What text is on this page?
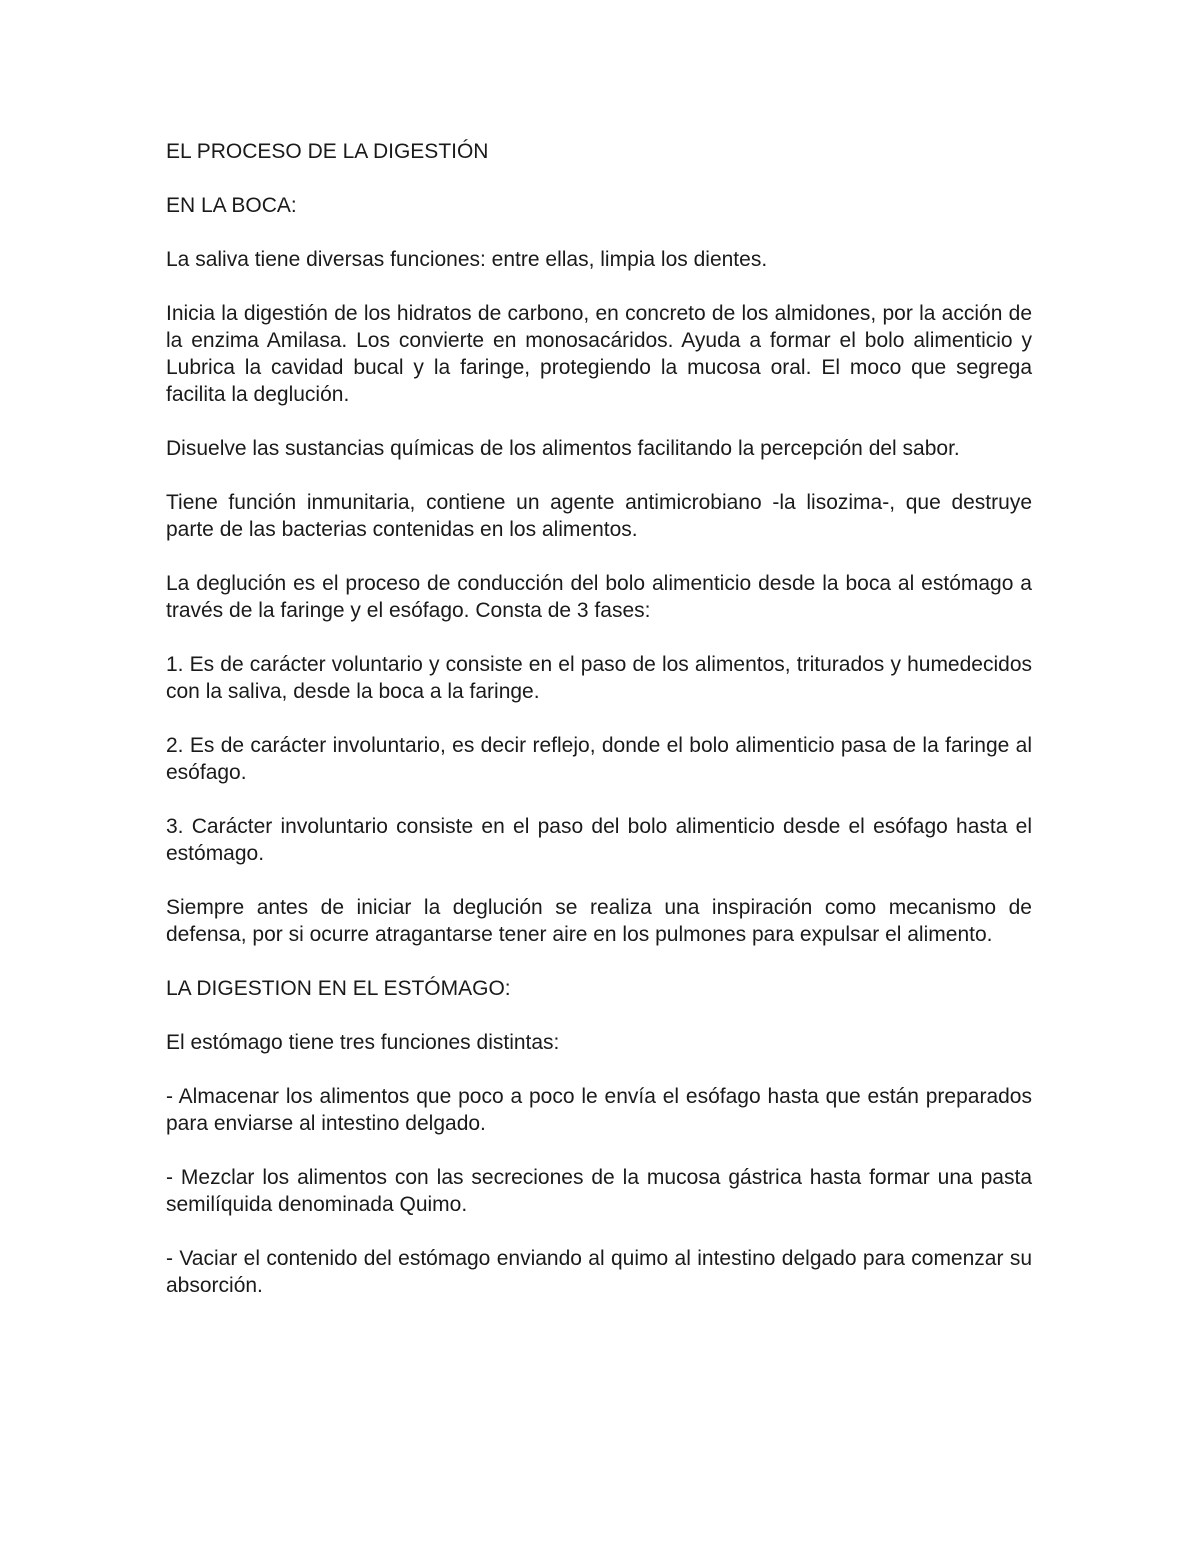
EL PROCESO DE LA DIGESTIÓN

EN LA BOCA:

La saliva tiene diversas funciones: entre ellas, limpia los dientes.

Inicia la digestión de los hidratos de carbono, en concreto de los almidones, por la acción de la enzima Amilasa. Los convierte en monosacáridos. Ayuda a formar el bolo alimenticio y Lubrica la cavidad bucal y la faringe, protegiendo la mucosa oral. El moco que segrega facilita la deglución.

Disuelve las sustancias químicas de los alimentos facilitando la percepción del sabor.

Tiene función inmunitaria, contiene un agente antimicrobiano -la lisozima-, que destruye parte de las bacterias contenidas en los alimentos.

La deglución es el proceso de conducción del bolo alimenticio desde la boca al estómago a través de la faringe y el esófago. Consta de 3 fases:

1. Es de carácter voluntario y consiste en el paso de los alimentos, triturados y humedecidos con la saliva, desde la boca a la faringe.

2. Es de carácter involuntario, es decir reflejo, donde el bolo alimenticio pasa de la faringe al esófago.

3. Carácter involuntario consiste en el paso del bolo alimenticio desde el esófago hasta el estómago.

Siempre antes de iniciar la deglución se realiza una inspiración como mecanismo de defensa, por si ocurre atragantarse tener aire en los pulmones para expulsar el alimento.

LA DIGESTION EN EL ESTÓMAGO:

El estómago tiene tres funciones distintas:

- Almacenar los alimentos que poco a poco le envía el esófago hasta que están preparados para enviarse al intestino delgado.

- Mezclar los alimentos con las secreciones de la mucosa gástrica hasta formar una pasta semilíquida denominada Quimo.

- Vaciar el contenido del estómago enviando al quimo al intestino delgado para comenzar su absorción.
